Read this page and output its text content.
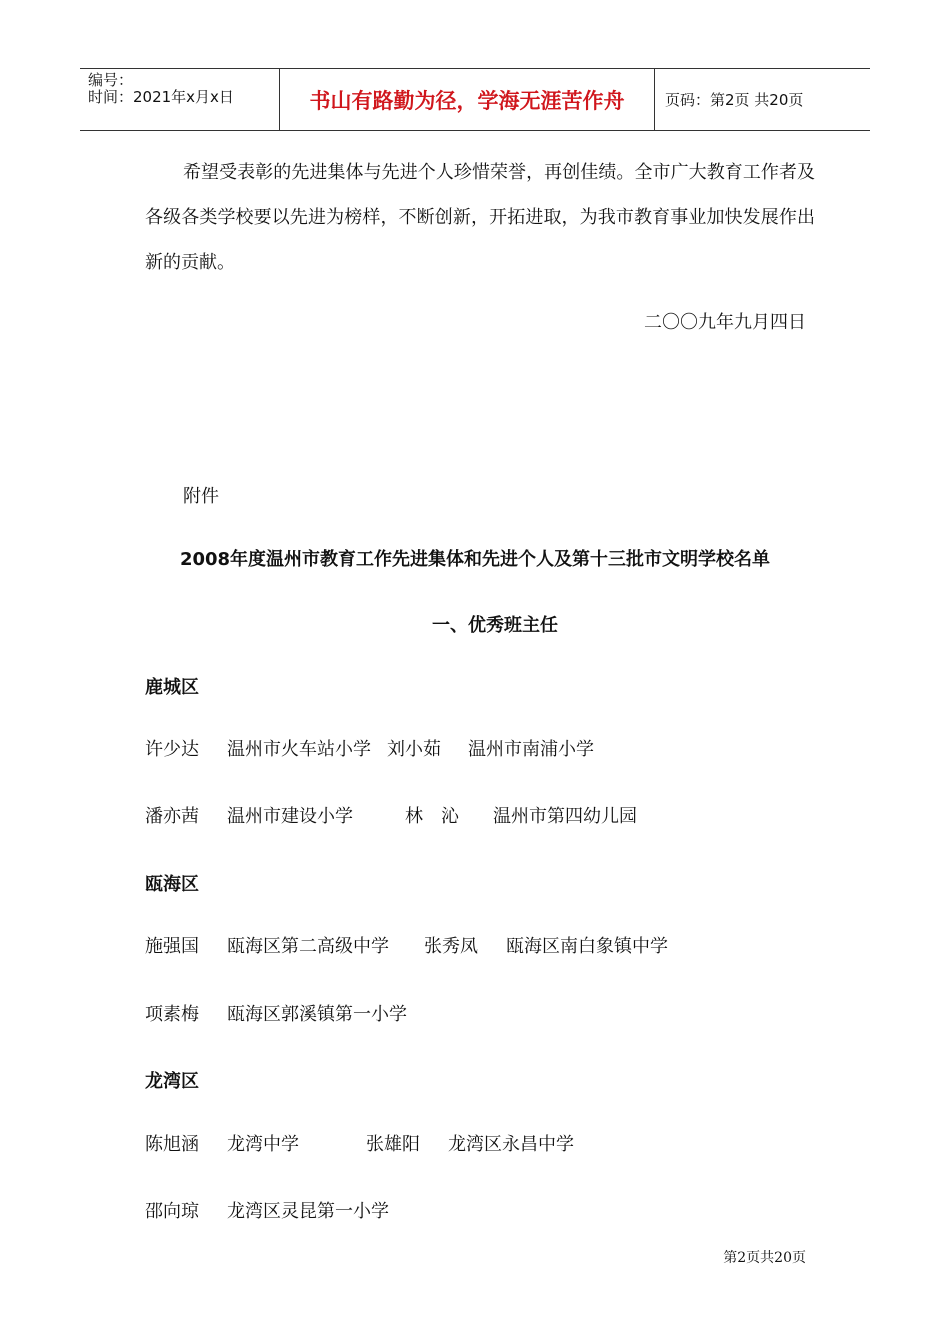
编号：
时间：2021年x月x日	书山有路勤为径，学海无涯苦作舟	页码：第2页 共20页
希望受表彰的先进集体与先进个人珍惜荣誉，再创佳绩。全市广大教育工作者及各级各类学校要以先进为榜样，不断创新，开拓进取，为我市教育事业加快发展作出新的贡献。
二〇〇九年九月四日
附件
2008年度温州市教育工作先进集体和先进个人及第十三批市文明学校名单
一、优秀班主任
鹿城区
许少达 温州市火车站小学 刘小茹 温州市南浦小学
潘亦茜 温州市建设小学	林　沁 温州市第四幼儿园
瓯海区
施强国 瓯海区第二高级中学 张秀凤 瓯海区南白象镇中学
项素梅 瓯海区郭溪镇第一小学
龙湾区
陈旭涵 龙湾中学	张雄阳 龙湾区永昌中学
邵向琼 龙湾区灵昆第一小学
第2页共20页
